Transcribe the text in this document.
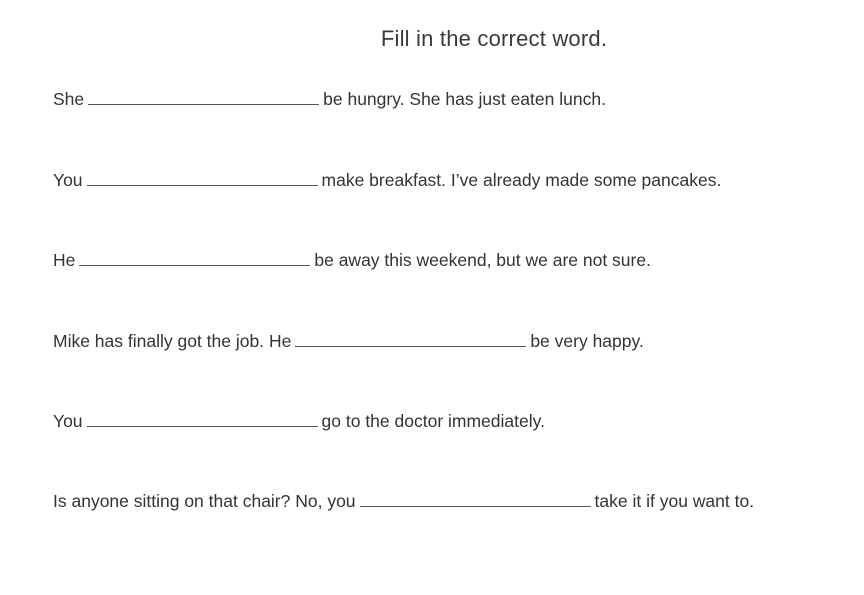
Fill in the correct word.
She	be hungry. She has just eaten lunch.
You	make breakfast. I’ve already made some pancakes.
He	be away this weekend, but we are not sure.
Mike has finally got the job. He	be very happy.
You	go to the doctor immediately.
Is anyone sitting on that chair? No, you	take it if you want to.
